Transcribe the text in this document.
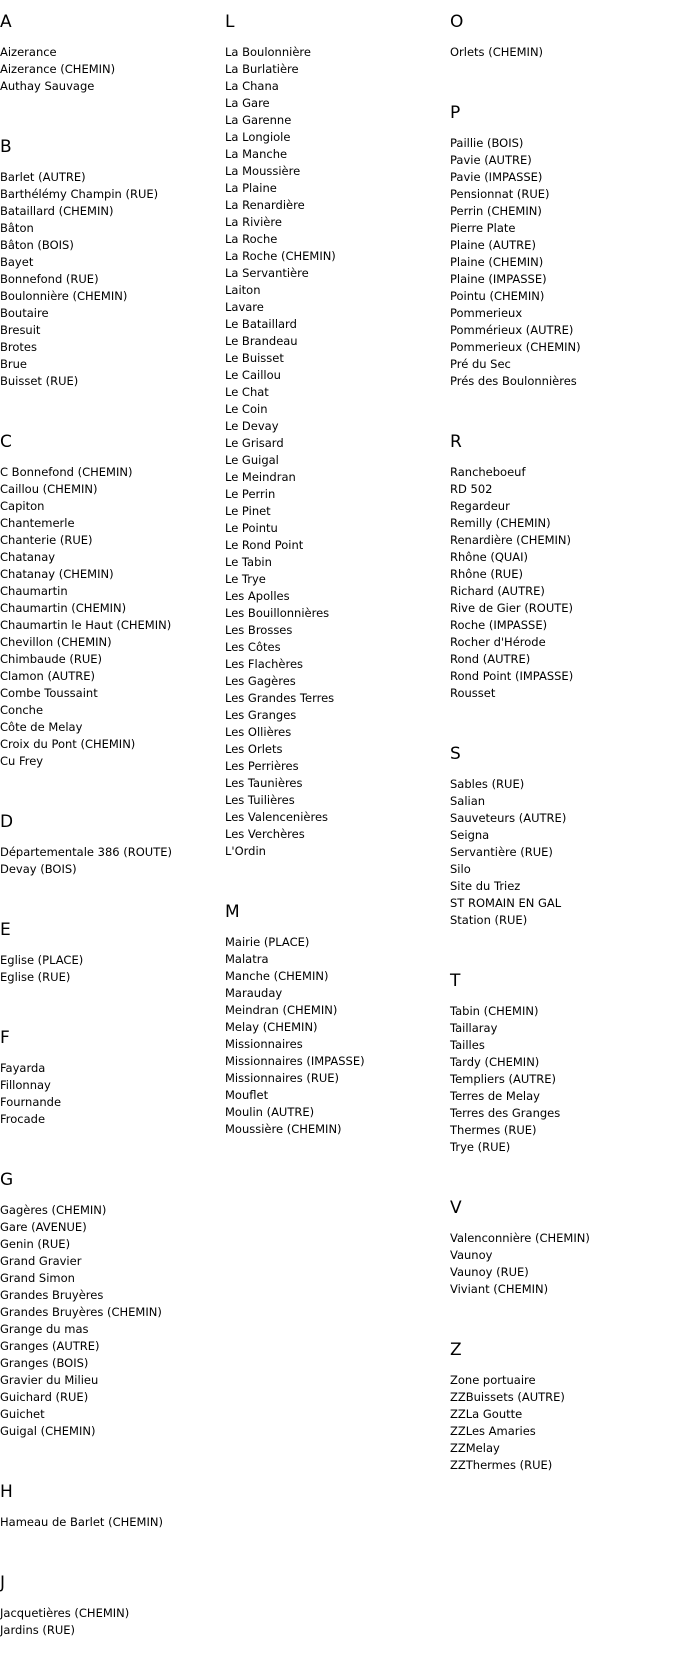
A
Aizerance
Aizerance (CHEMIN)
Authay Sauvage
B
Barlet (AUTRE)
Barthélémy Champin (RUE)
Bataillard (CHEMIN)
Bâton
Bâton (BOIS)
Bayet
Bonnefond (RUE)
Boulonnière (CHEMIN)
Boutaire
Bresuit
Brotes
Brue
Buisset (RUE)
C
C Bonnefond (CHEMIN)
Caillou (CHEMIN)
Capiton
Chantemerle
Chanterie (RUE)
Chatanay
Chatanay (CHEMIN)
Chaumartin
Chaumartin (CHEMIN)
Chaumartin le Haut (CHEMIN)
Chevillon (CHEMIN)
Chimbaude (RUE)
Clamon (AUTRE)
Combe Toussaint
Conche
Côte de Melay
Croix du Pont (CHEMIN)
Cu Frey
D
Départementale 386 (ROUTE)
Devay (BOIS)
E
Eglise (PLACE)
Eglise (RUE)
F
Fayarda
Fillonnay
Fournande
Frocade
G
Gagères (CHEMIN)
Gare (AVENUE)
Genin (RUE)
Grand Gravier
Grand Simon
Grandes Bruyères
Grandes Bruyères (CHEMIN)
Grange du mas
Granges (AUTRE)
Granges (BOIS)
Gravier du Milieu
Guichard (RUE)
Guichet
Guigal (CHEMIN)
H
Hameau de Barlet (CHEMIN)
J
Jacquetières (CHEMIN)
Jardins (RUE)
L
La Boulonnière
La Burlatière
La Chana
La Gare
La Garenne
La Longiole
La Manche
La Moussière
La Plaine
La Renardière
La Rivière
La Roche
La Roche (CHEMIN)
La Servantière
Laiton
Lavare
Le Bataillard
Le Brandeau
Le Buisset
Le Caillou
Le Chat
Le Coin
Le Devay
Le Grisard
Le Guigal
Le Meindran
Le Perrin
Le Pinet
Le Pointu
Le Rond Point
Le Tabin
Le Trye
Les Apolles
Les Bouillonnières
Les Brosses
Les Côtes
Les Flachères
Les Gagères
Les Grandes Terres
Les Granges
Les Ollières
Les Orlets
Les Perrières
Les Taunières
Les Tuilières
Les Valencenières
Les Verchères
L'Ordin
M
Mairie (PLACE)
Malatra
Manche (CHEMIN)
Marauday
Meindran (CHEMIN)
Melay (CHEMIN)
Missionnaires
Missionnaires (IMPASSE)
Missionnaires (RUE)
Mouflet
Moulin (AUTRE)
Moussière (CHEMIN)
O
Orlets (CHEMIN)
P
Paillie (BOIS)
Pavie (AUTRE)
Pavie (IMPASSE)
Pensionnat (RUE)
Perrin (CHEMIN)
Pierre Plate
Plaine (AUTRE)
Plaine (CHEMIN)
Plaine (IMPASSE)
Pointu (CHEMIN)
Pommerieux
Pommérieux (AUTRE)
Pommerieux (CHEMIN)
Pré du Sec
Prés des Boulonnières
R
Rancheboeuf
RD 502
Regardeur
Remilly (CHEMIN)
Renardière (CHEMIN)
Rhône (QUAI)
Rhône (RUE)
Richard (AUTRE)
Rive de Gier (ROUTE)
Roche (IMPASSE)
Rocher d'Hérode
Rond (AUTRE)
Rond Point (IMPASSE)
Rousset
S
Sables (RUE)
Salian
Sauveteurs (AUTRE)
Seigna
Servantière (RUE)
Silo
Site du Triez
ST ROMAIN EN GAL
Station (RUE)
T
Tabin (CHEMIN)
Taillaray
Tailles
Tardy (CHEMIN)
Templiers (AUTRE)
Terres de Melay
Terres des Granges
Thermes (RUE)
Trye (RUE)
V
Valenconnière (CHEMIN)
Vaunoy
Vaunoy (RUE)
Viviant (CHEMIN)
Z
Zone portuaire
ZZBuissets (AUTRE)
ZZLa Goutte
ZZLes Amaries
ZZMelay
ZZThermes (RUE)
